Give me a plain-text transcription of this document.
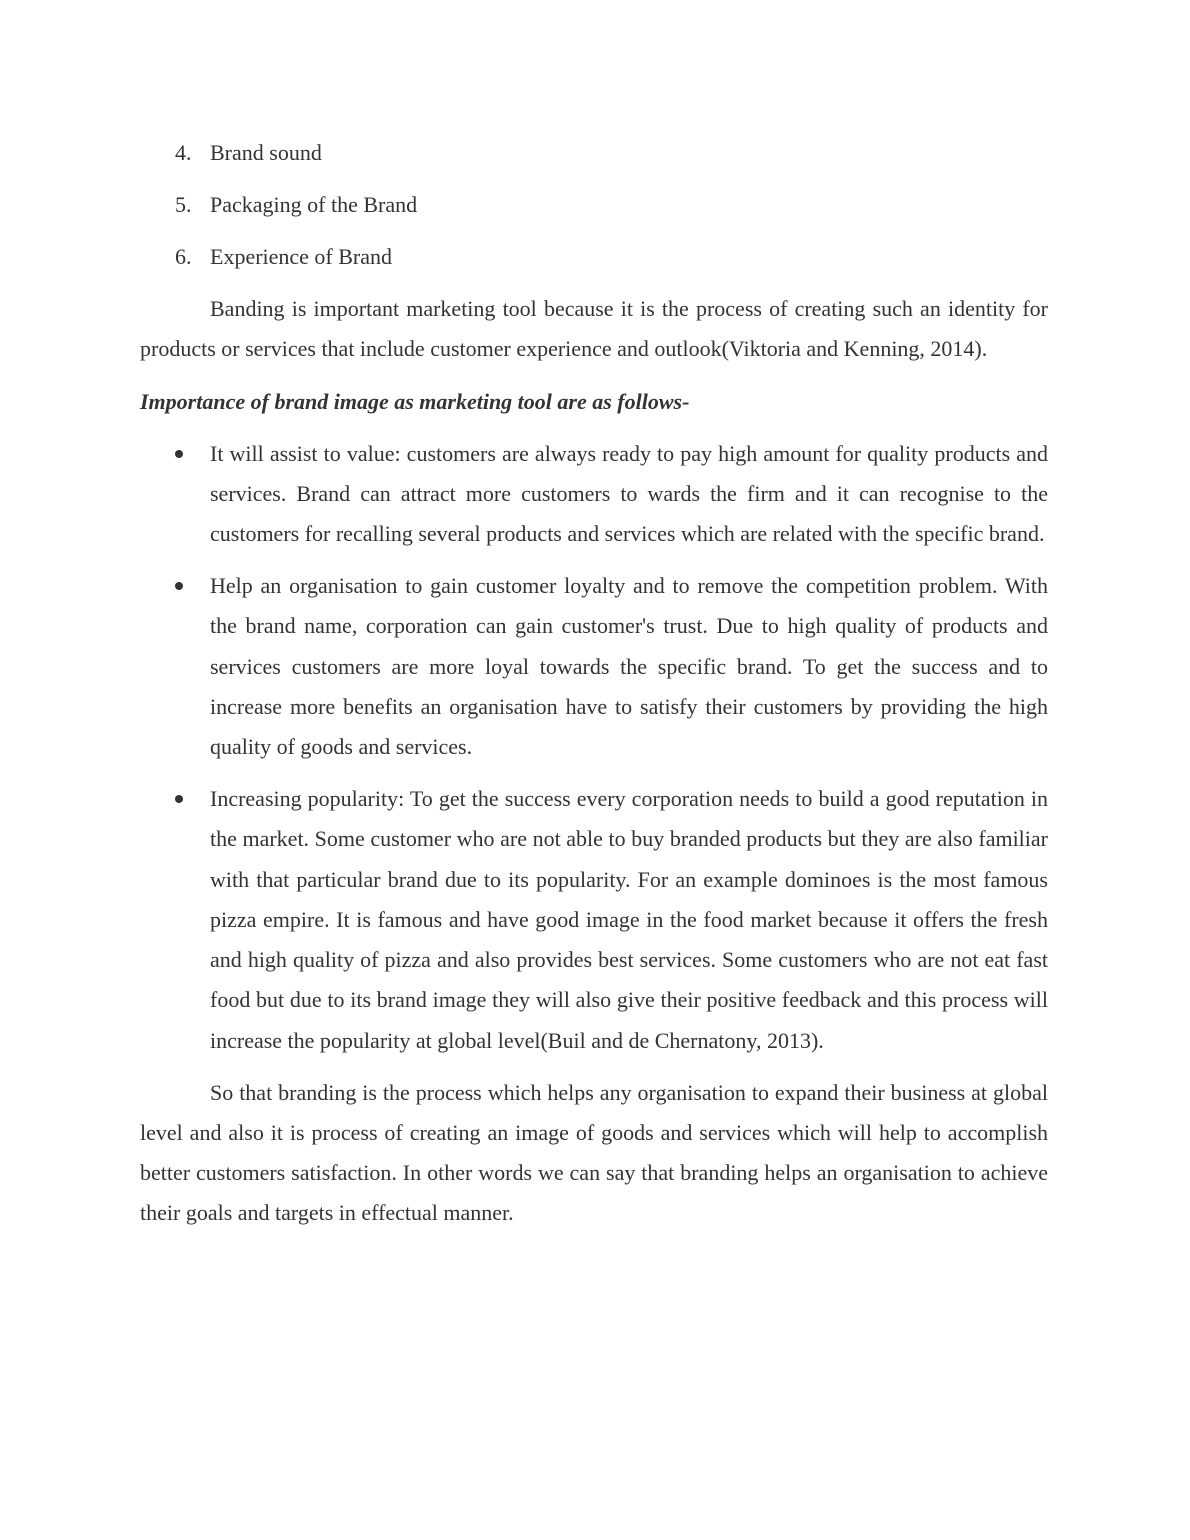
4. Brand sound
5. Packaging of the Brand
6. Experience of Brand

Banding is important marketing tool because it is the process of creating such an identity for products or services that include customer experience and outlook(Viktoria and Kenning, 2014).

Importance of brand image as marketing tool are as follows-

It will assist to value: customers are always ready to pay high amount for quality products and services. Brand can attract more customers to wards the firm and it can recognise to the customers for recalling several products and services which are related with the specific brand.
Help an organisation to gain customer loyalty and to remove the competition problem. With the brand name, corporation can gain customer's trust. Due to high quality of products and services customers are more loyal towards the specific brand. To get the success and to increase more benefits an organisation have to satisfy their customers by providing the high quality of goods and services.
Increasing popularity: To get the success every corporation needs to build a good reputation in the market. Some customer who are not able to buy branded products but they are also familiar with that particular brand due to its popularity. For an example dominoes is the most famous pizza empire. It is famous and have good image in the food market because it offers the fresh and high quality of pizza and also provides best services. Some customers who are not eat fast food but due to its brand image they will also give their positive feedback and this process will increase the popularity at global level(Buil and de Chernatony, 2013).

So that branding is the process which helps any organisation to expand their business at global level and also it is process of creating an image of goods and services which will help to accomplish better customers satisfaction. In other words we can say that branding helps an organisation to achieve their goals and targets in effectual manner.
